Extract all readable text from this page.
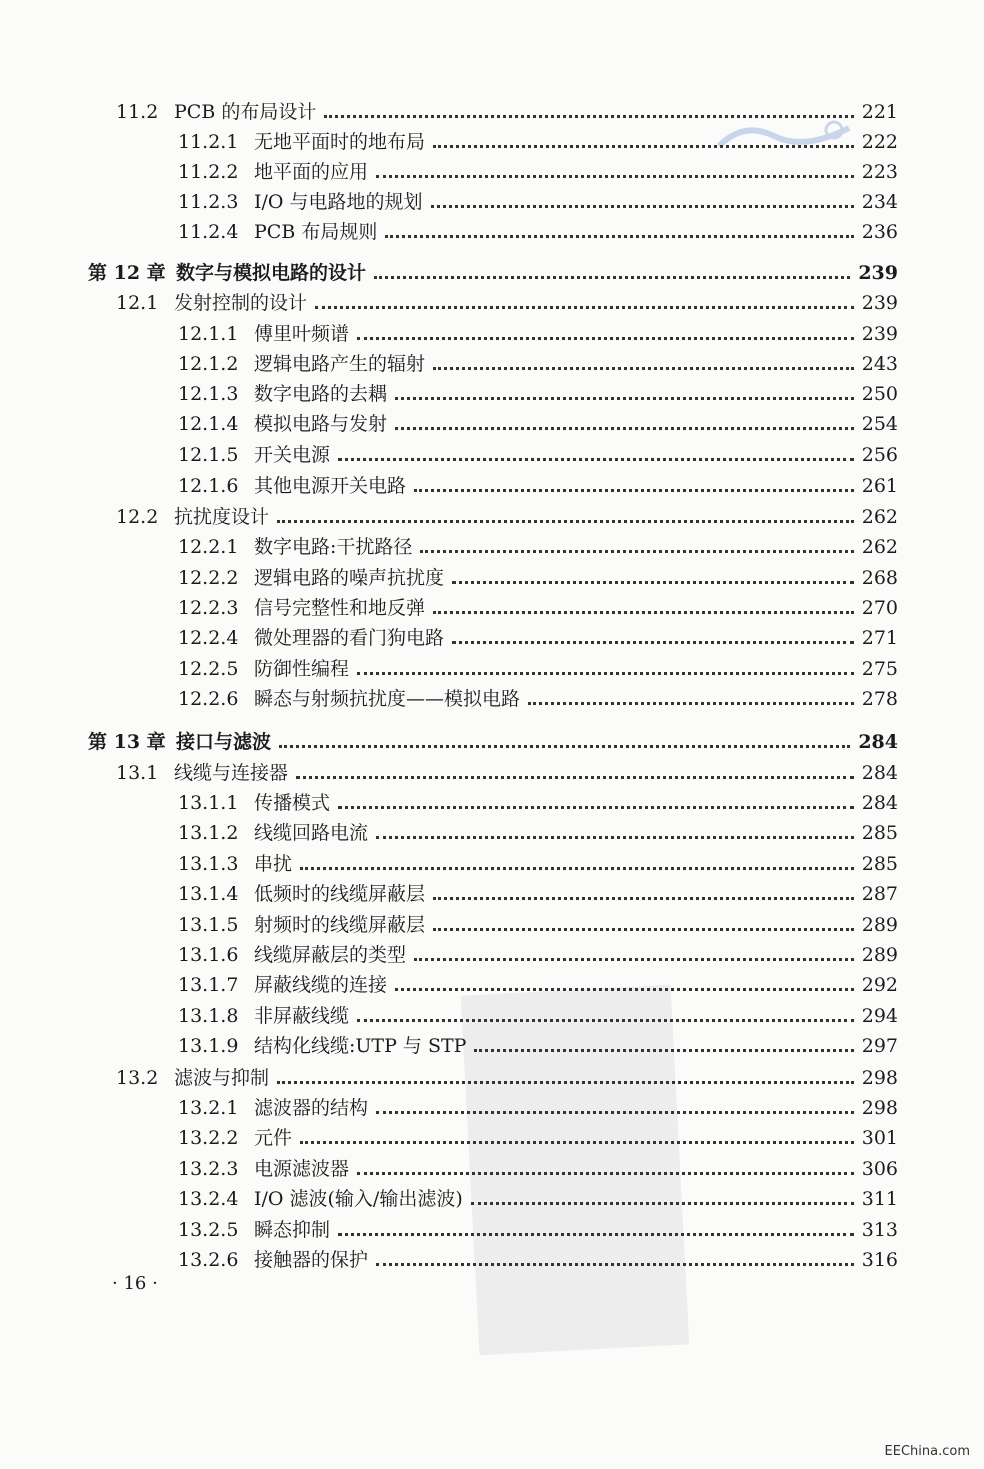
11.2 PCB 的布局设计	221
11.2.1 无地平面时的地布局	222
11.2.2 地平面的应用	223
11.2.3 I/O 与电路地的规划	234
11.2.4 PCB 布局规则	236
第 12 章 数字与模拟电路的设计	239
12.1 发射控制的设计	239
12.1.1 傅里叶频谱	239
12.1.2 逻辑电路产生的辐射	243
12.1.3 数字电路的去耦	250
12.1.4 模拟电路与发射	254
12.1.5 开关电源	256
12.1.6 其他电源开关电路	261
12.2 抗扰度设计	262
12.2.1 数字电路:干扰路径	262
12.2.2 逻辑电路的噪声抗扰度	268
12.2.3 信号完整性和地反弹	270
12.2.4 微处理器的看门狗电路	271
12.2.5 防御性编程	275
12.2.6 瞬态与射频抗扰度——模拟电路	278
第 13 章 接口与滤波	284
13.1 线缆与连接器	284
13.1.1 传播模式	284
13.1.2 线缆回路电流	285
13.1.3 串扰	285
13.1.4 低频时的线缆屏蔽层	287
13.1.5 射频时的线缆屏蔽层	289
13.1.6 线缆屏蔽层的类型	289
13.1.7 屏蔽线缆的连接	292
13.1.8 非屏蔽线缆	294
13.1.9 结构化线缆:UTP 与 STP	297
13.2 滤波与抑制	298
13.2.1 滤波器的结构	298
13.2.2 元件	301
13.2.3 电源滤波器	306
13.2.4 I/O 滤波(输入/输出滤波)	311
13.2.5 瞬态抑制	313
13.2.6 接触器的保护	316
· 16 ·
EEChina.com
